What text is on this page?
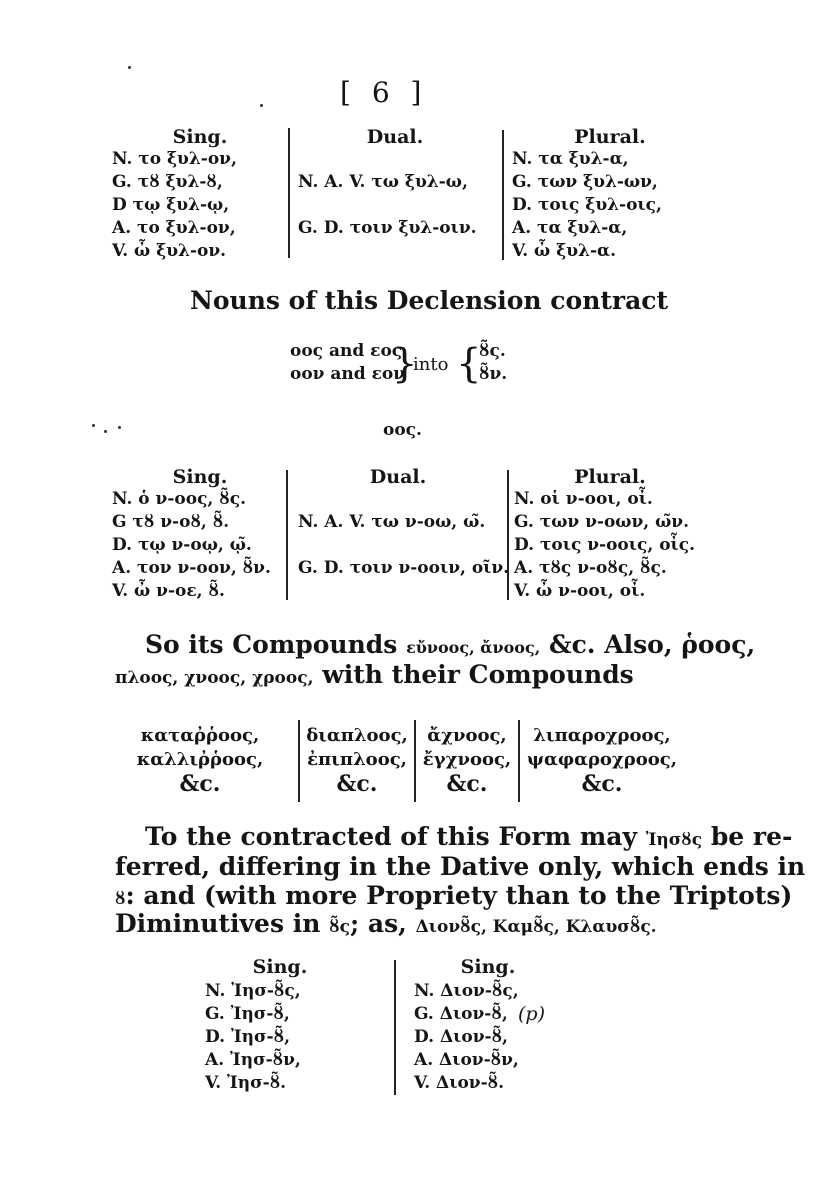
[ 6 ]
Sing.
N. το ξυλ-ον,
G. τȣ ξυλ-ȣ,
D τῳ ξυλ-ῳ,
A. το ξυλ-ον,
V. ὦ ξυλ-ον.
Dual.
N. A. V. τω ξυλ-ω,
G. D. τοιν ξυλ-οιν.
Plural.
N. τα ξυλ-α,
G. των ξυλ-ων,
D. τοις ξυλ-οις,
A. τα ξυλ-α,
V. ὦ ξυλ-α.
Nouns of this Declension contract
οος and εος
οον and εον
}
into {
ȣ̃ς.
ȣ̃ν.
οος.
Sing.
N. ὁ ν-οος, ȣ̃ς.
G τȣ ν-οȣ, ȣ̃.
D. τῳ ν-οῳ, ῳ̃.
A. τον ν-οον, ȣ̃ν.
V. ὦ ν-οε, ȣ̃.
Dual.
N. A. V. τω ν-οω, ω̃.
G. D. τοιν ν-οοιν, οῖν.
Plural.
N. οἱ ν-οοι, οἶ.
G. των ν-οων, ω̃ν.
D. τοις ν-οοις, οἶς.
A. τȣς ν-οȣς, ȣ̃ς.
V. ὦ ν-οοι, οἶ.
So its Compounds εὔνοος, ἄνοος, &c. Also, ῥοος,
πλοος, χνοος, χροος, with their Compounds
καταῤῥοος,
καλλιῤῥοος,
&c.
διαπλοος,
ἐπιπλοος,
&c.
ἄχνοος,
ἔγχνοος,
&c.
λιπαροχροος,
ψαφαροχροος,
&c.
To the contracted of this Form may Ἰησȣς be re-
ferred, differing in the Dative only, which ends in
ȣ: and (with more Propriety than to the Triptots)
Diminutives in ȣ̃ς; as, Διονȣ̃ς, Καμȣ̃ς, Κλαυσȣ̃ς.
Sing.
N. Ἰησ-ȣ̃ς,
G. Ἰησ-ȣ̃,
D. Ἰησ-ȣ̃,
A. Ἰησ-ȣ̃ν,
V. Ἰησ-ȣ̃.
Sing.
N. Διον-ȣ̃ς,
G. Διον-ȣ̃,
D. Διον-ȣ̃,
A. Διον-ȣ̃ν,
V. Διον-ȣ̃.
(p)
